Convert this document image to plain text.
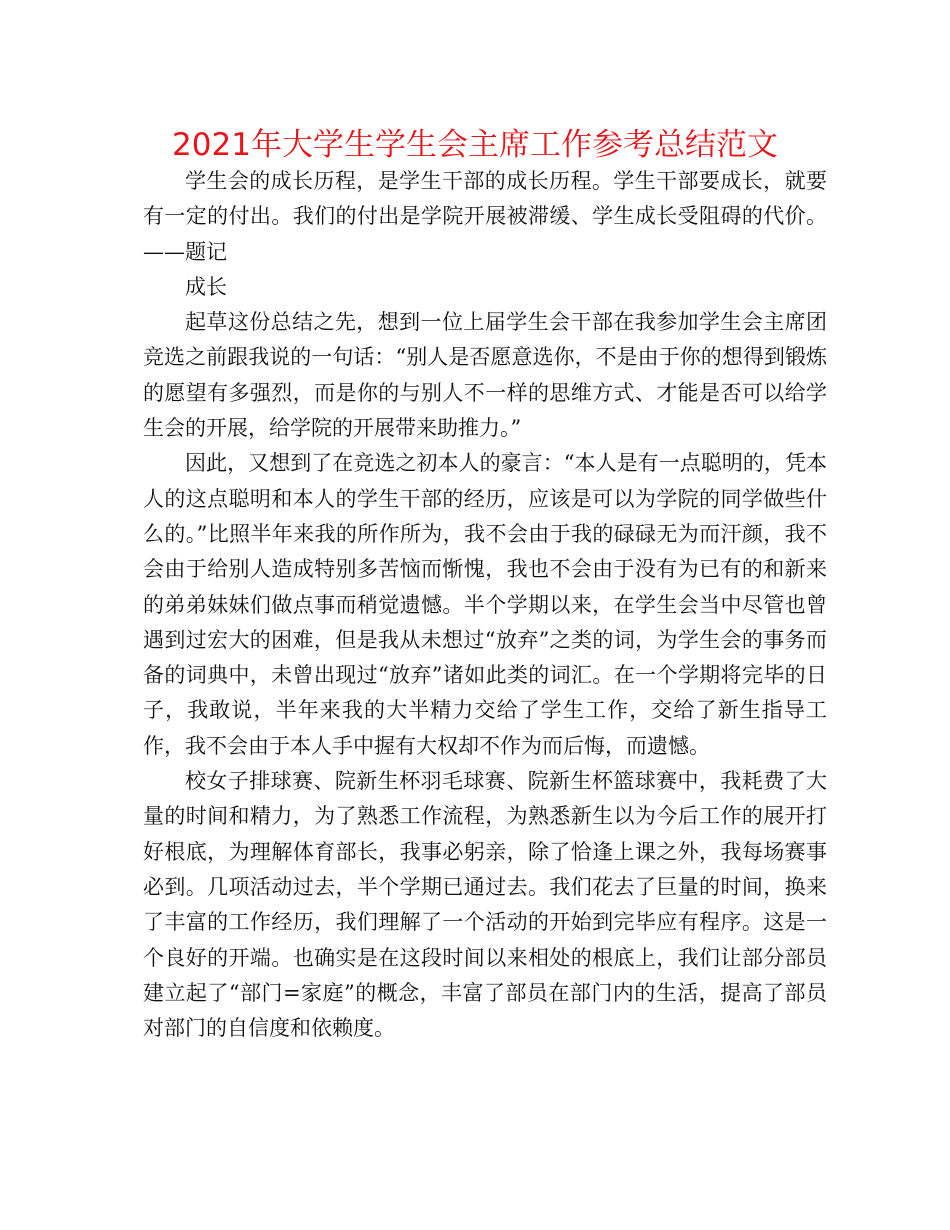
2021年大学生学生会主席工作参考总结范文

学生会的成长历程，是学生干部的成长历程。学生干部要成长，就要有一定的付出。我们的付出是学院开展被滞缓、学生成长受阻碍的代价。 ——题记

成长

起草这份总结之先，想到一位上届学生会干部在我参加学生会主席团竞选之前跟我说的一句话：“别人是否愿意选你，不是由于你的想得到锻炼的愿望有多强烈，而是你的与别人不一样的思维方式、才能是否可以给学生会的开展，给学院的开展带来助推力。”

因此，又想到了在竞选之初本人的豪言：“本人是有一点聪明的，凭本人的这点聪明和本人的学生干部的经历，应该是可以为学院的同学做些什么的。”比照半年来我的所作所为，我不会由于我的碌碌无为而汗颜，我不会由于给别人造成特别多苦恼而惭愧，我也不会由于没有为已有的和新来的弟弟妹妹们做点事而稍觉遗憾。半个学期以来，在学生会当中尽管也曾遇到过宏大的困难，但是我从未想过“放弃”之类的词，为学生会的事务而备的词典中，未曾出现过“放弃”诸如此类的词汇。在一个学期将完毕的日子，我敢说，半年来我的大半精力交给了学生工作，交给了新生指导工作，我不会由于本人手中握有大权却不作为而后悔，而遗憾。

校女子排球赛、院新生杯羽毛球赛、院新生杯篮球赛中，我耗费了大量的时间和精力，为了熟悉工作流程，为熟悉新生以为今后工作的展开打好根底，为理解体育部长，我事必躬亲，除了恰逢上课之外，我每场赛事必到。几项活动过去，半个学期已通过去。我们花去了巨量的时间，换来了丰富的工作经历，我们理解了一个活动的开始到完毕应有程序。这是一个良好的开端。也确实是在这段时间以来相处的根底上，我们让部分部员建立起了“部门=家庭”的概念，丰富了部员在部门内的生活，提高了部员对部门的自信度和依赖度。
